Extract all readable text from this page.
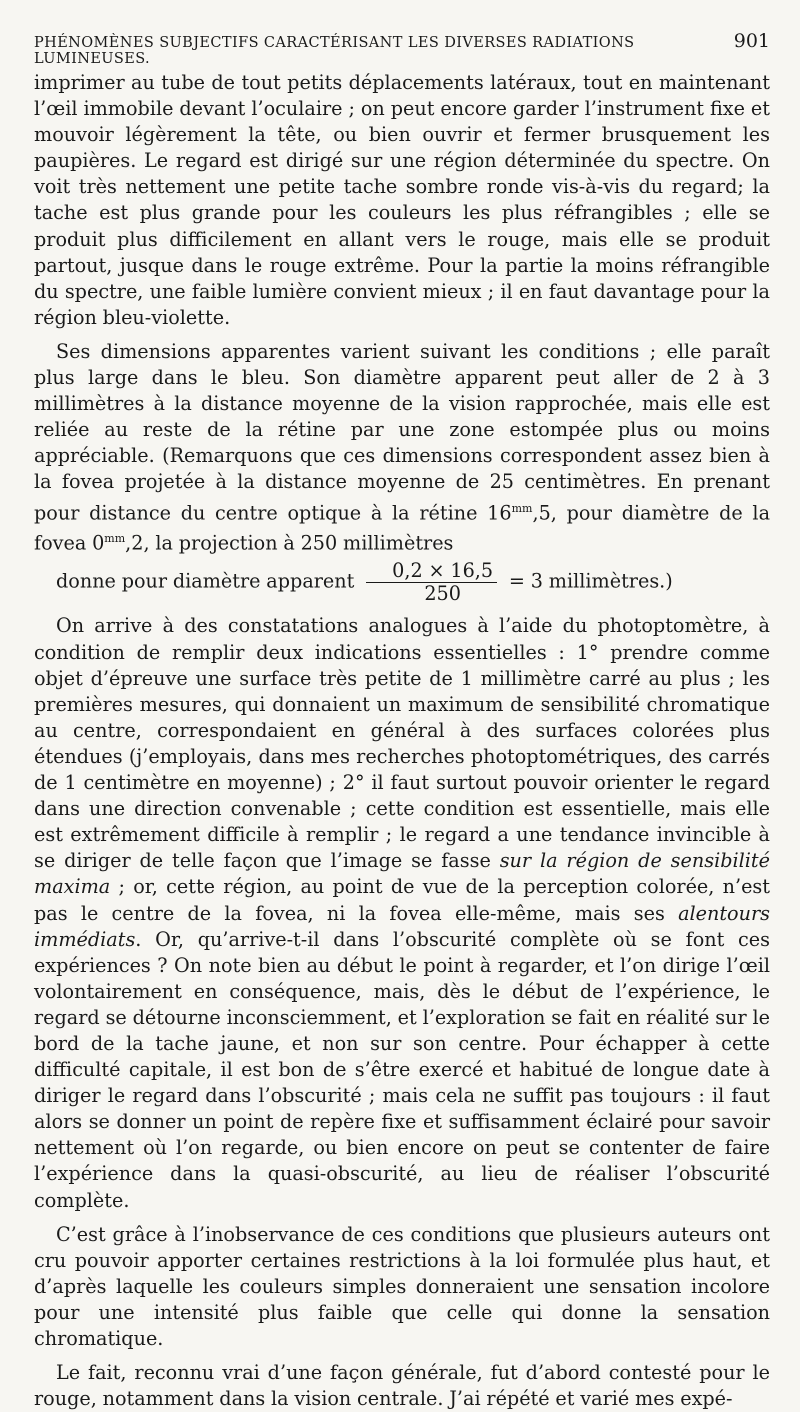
PHÉNOMÈNES SUBJECTIFS CARACTÉRISANT LES DIVERSES RADIATIONS LUMINEUSES.
901

imprimer au tube de tout petits déplacements latéraux, tout en maintenant l’œil immobile devant l’oculaire ; on peut encore garder l’instrument fixe et mouvoir légèrement la tête, ou bien ouvrir et fermer brusquement les paupières. Le regard est dirigé sur une région déterminée du spectre. On voit très nettement une petite tache sombre ronde vis-à-vis du regard; la tache est plus grande pour les couleurs les plus réfrangibles ; elle se produit plus difficilement en allant vers le rouge, mais elle se produit partout, jusque dans le rouge extrême. Pour la partie la moins réfrangible du spectre, une faible lumière convient mieux ; il en faut davantage pour la région bleu-violette.

Ses dimensions apparentes varient suivant les conditions ; elle paraît plus large dans le bleu. Son diamètre apparent peut aller de 2 à 3 millimètres à la distance moyenne de la vision rapprochée, mais elle est reliée au reste de la rétine par une zone estompée plus ou moins appréciable. (Remarquons que ces dimensions correspondent assez bien à la fovea projetée à la distance moyenne de 25 centimètres. En prenant pour distance du centre optique à la rétine $16^{mm},5$, pour diamètre de la fovea $0^{mm},2$, la projection à 250 millimètres
donne pour diamètre apparent $\frac{0,2 \times 16,5}{250} = 3$ millimètres.)

On arrive à des constatations analogues à l’aide du photoptomètre, à condition de remplir deux indications essentielles : 1° prendre comme objet d’épreuve une surface très petite de 1 millimètre carré au plus ; les premières mesures, qui donnaient un maximum de sensibilité chromatique au centre, correspondaient en général à des surfaces colorées plus étendues (j’employais, dans mes recherches photoptométriques, des carrés de 1 centimètre en moyenne) ; 2° il faut surtout pouvoir orienter le regard dans une direction convenable ; cette condition est essentielle, mais elle est extrêmement difficile à remplir ; le regard a une tendance invincible à se diriger de telle façon que l’image se fasse sur la région de sensibilité maxima ; or, cette région, au point de vue de la perception colorée, n’est pas le centre de la fovea, ni la fovea elle-même, mais ses alentours immédiats. Or, qu’arrive-t-il dans l’obscurité complète où se font ces expériences ? On note bien au début le point à regarder, et l’on dirige l’œil volontairement en conséquence, mais, dès le début de l’expérience, le regard se détourne inconsciemment, et l’exploration se fait en réalité sur le bord de la tache jaune, et non sur son centre. Pour échapper à cette difficulté capitale, il est bon de s’être exercé et habitué de longue date à diriger le regard dans l’obscurité ; mais cela ne suffit pas toujours : il faut alors se donner un point de repère fixe et suffisamment éclairé pour savoir nettement où l’on regarde, ou bien encore on peut se contenter de faire l’expérience dans la quasi-obscurité, au lieu de réaliser l’obscurité complète.

C’est grâce à l’inobservance de ces conditions que plusieurs auteurs ont cru pouvoir apporter certaines restrictions à la loi formulée plus haut, et d’après laquelle les couleurs simples donneraient une sensation incolore pour une intensité plus faible que celle qui donne la sensation chromatique.

Le fait, reconnu vrai d’une façon générale, fut d’abord contesté pour le rouge, notamment dans la vision centrale. J’ai répété et varié mes expé-
